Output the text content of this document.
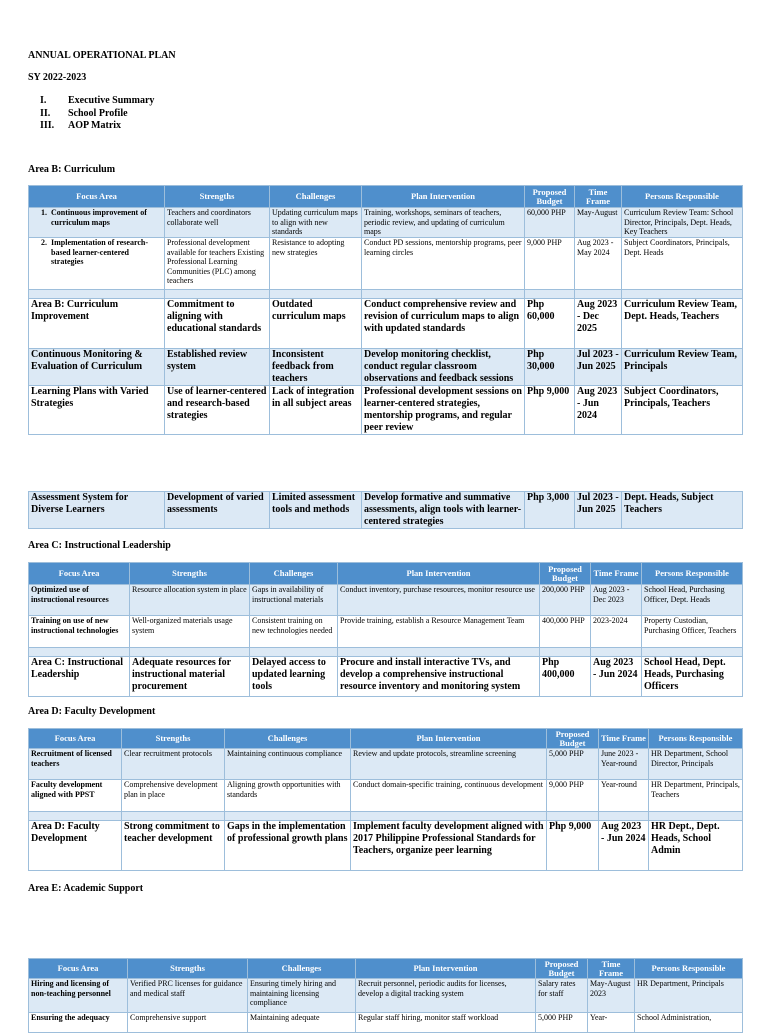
ANNUAL OPERATIONAL PLAN
SY 2022-2023
I.	Executive Summary
II.	School Profile
III.	AOP Matrix
Area B: Curriculum
Focus Area	Strengths	Challenges	Plan Intervention	Proposed Budget	Time Frame	Persons Responsible

1. Continuous improvement of curriculum maps	Teachers and coordinators collaborate well	Updating curriculum maps to align with new standards	Training, workshops, seminars of teachers, periodic review, and updating of curriculum maps	60,000 PHP	May-August	Curriculum Review Team: School Director, Principals, Dept. Heads, Key Teachers

2. Implementation of research-based learner-centered strategies	Professional development available for teachers Existing Professional Learning Communities (PLC) among teachers	Resistance to adopting new strategies	Conduct PD sessions, mentorship programs, peer learning circles	9,000 PHP	Aug 2023 - May 2024	Subject Coordinators, Principals, Dept. Heads

Area B: Curriculum Improvement	Commitment to aligning with educational standards	Outdated curriculum maps	Conduct comprehensive review and revision of curriculum maps to align with updated standards	Php 60,000	Aug 2023 - Dec 2025	Curriculum Review Team, Dept. Heads, Teachers
Continuous Monitoring & Evaluation of Curriculum	Established review system	Inconsistent feedback from teachers	Develop monitoring checklist, conduct regular classroom observations and feedback sessions	Php 30,000	Jul 2023 - Jun 2025	Curriculum Review Team, Principals
Learning Plans with Varied Strategies	Use of learner-centered and research-based strategies	Lack of integration in all subject areas	Professional development sessions on learner-centered strategies, mentorship programs, and regular peer review	Php 9,000	Aug 2023 - Jun 2024	Subject Coordinators, Principals, Teachers
Assessment System for Diverse Learners	Development of varied assessments	Limited assessment tools and methods	Develop formative and summative assessments, align tools with learner-centered strategies	Php 3,000	Jul 2023 - Jun 2025	Dept. Heads, Subject Teachers
Area C: Instructional Leadership
Focus Area	Strengths	Challenges	Plan Intervention	Proposed Budget	Time Frame	Persons Responsible
Optimized use of instructional resources	Resource allocation system in place	Gaps in availability of instructional materials	Conduct inventory, purchase resources, monitor resource use	200,000 PHP	Aug 2023 - Dec 2023	School Head, Purchasing Officer, Dept. Heads
Training on use of new instructional technologies	Well-organized materials usage system	Consistent training on new technologies needed	Provide training, establish a Resource Management Team	400,000 PHP	2023-2024	Property Custodian, Purchasing Officer, Teachers

Area C: Instructional Leadership	Adequate resources for instructional material procurement	Delayed access to updated learning tools	Procure and install interactive TVs, and develop a comprehensive instructional resource inventory and monitoring system	Php 400,000	Aug 2023 - Jun 2024	School Head, Dept. Heads, Purchasing Officers
Area D: Faculty Development
Focus Area	Strengths	Challenges	Plan Intervention	Proposed Budget	Time Frame	Persons Responsible
Recruitment of licensed teachers	Clear recruitment protocols	Maintaining continuous compliance	Review and update protocols, streamline screening	5,000 PHP	June 2023 - Year-round	HR Department, School Director, Principals
Faculty development aligned with PPST	Comprehensive development plan in place	Aligning growth opportunities with standards	Conduct domain-specific training, continuous development	9,000 PHP	Year-round	HR Department, Principals, Teachers

Area D: Faculty Development	Strong commitment to teacher development	Gaps in the implementation of professional growth plans	Implement faculty development aligned with 2017 Philippine Professional Standards for Teachers, organize peer learning	Php 9,000	Aug 2023 - Jun 2024	HR Dept., Dept. Heads, School Admin
Area E: Academic Support
Focus Area	Strengths	Challenges	Plan Intervention	Proposed Budget	Time Frame	Persons Responsible
Hiring and licensing of non-teaching personnel	Verified PRC licenses for guidance and medical staff	Ensuring timely hiring and maintaining licensing compliance	Recruit personnel, periodic audits for licenses, develop a digital tracking system	Salary rates for staff	May-August 2023	HR Department, Principals
Ensuring the adequacy	Comprehensive support	Maintaining adequate	Regular staff hiring, monitor staff workload	5,000 PHP	Year-	School Administration,
